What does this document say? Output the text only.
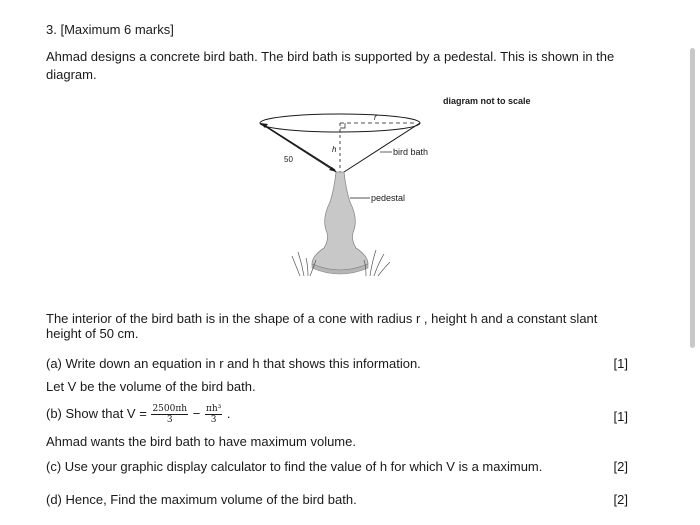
3. [Maximum 6 marks]
Ahmad designs a concrete bird bath. The bird bath is supported by a pedestal. This is shown in the
diagram.
diagram not to scale
50
h
r
bird bath
pedestal
The interior of the bird bath is in the shape of a cone with radius r , height h and a constant slant
height of 50 cm.
(a) Write down an equation in r and h that shows this information.	[1]
Let V be the volume of the bird bath.
(b) Show that $V = \frac{2500\pi h}{3} - \frac{\text{πh³}}{3}$ .	[1]
Ahmad wants the bird bath to have maximum volume.
(c) Use your graphic display calculator to find the value of h for which V is a maximum.	[2]
(d) Hence, Find the maximum volume of the bird bath.	[2]
